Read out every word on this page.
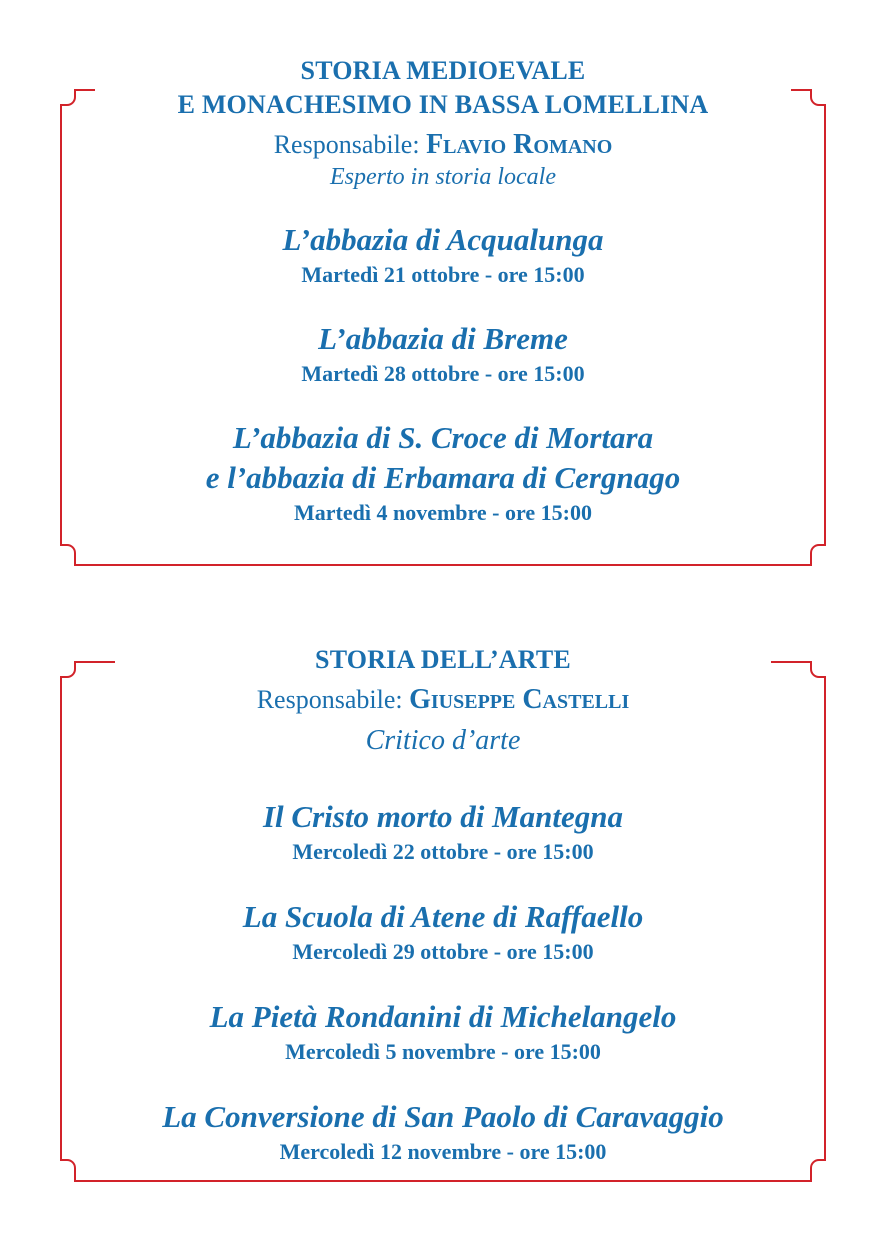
STORIA MEDIOEVALE
E MONACHESIMO IN BASSA LOMELLINA
Responsabile: Flavio Romano
Esperto in storia locale
L’abbazia di Acqualunga
Martedì 21 ottobre - ore 15:00
L’abbazia di Breme
Martedì 28 ottobre - ore 15:00
L’abbazia di S. Croce di Mortara
e l’abbazia di Erbamara di Cergnago
Martedì 4 novembre - ore 15:00
STORIA DELL’ARTE
Responsabile: Giuseppe Castelli
Critico d’arte
Il Cristo morto di Mantegna
Mercoledì 22 ottobre - ore 15:00
La Scuola di Atene di Raffaello
Mercoledì 29 ottobre - ore 15:00
La Pietà Rondanini di Michelangelo
Mercoledì 5 novembre - ore 15:00
La Conversione di San Paolo di Caravaggio
Mercoledì 12 novembre - ore 15:00
